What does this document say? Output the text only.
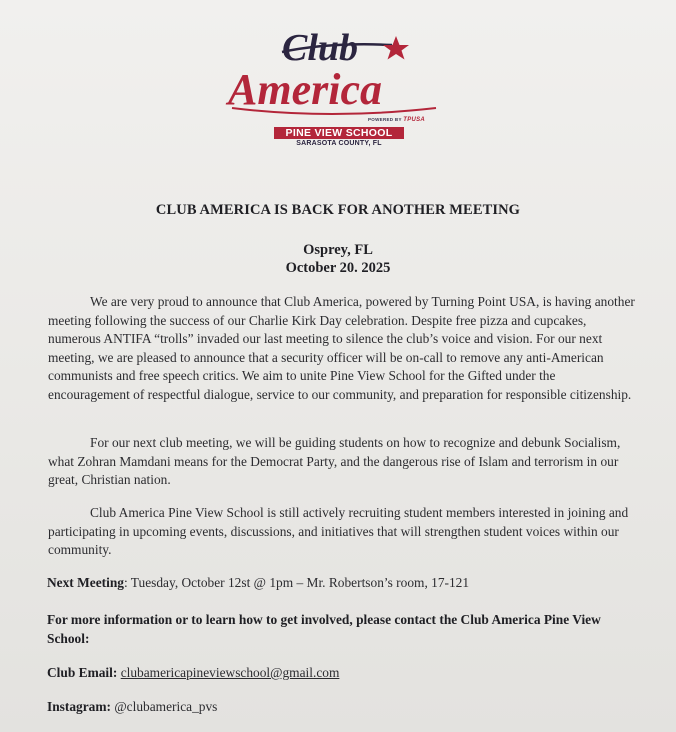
Club
America
POWERED BY TPUSA
PINE VIEW SCHOOL
SARASOTA COUNTY, FL
CLUB AMERICA IS BACK FOR ANOTHER MEETING
Osprey, FL
October 20. 2025

We are very proud to announce that Club America, powered by Turning Point USA, is having another meeting following the success of our Charlie Kirk Day celebration. Despite free pizza and cupcakes, numerous ANTIFA “trolls” invaded our last meeting to silence the club’s voice and vision. For our next meeting, we are pleased to announce that a security officer will be on-call to remove any anti-American communists and free speech critics. We aim to unite Pine View School for the Gifted under the encouragement of respectful dialogue, service to our community, and preparation for responsible citizenship.

For our next club meeting, we will be guiding students on how to recognize and debunk Socialism, what Zohran Mamdani means for the Democrat Party, and the dangerous rise of Islam and terrorism in our great, Christian nation.

Club America Pine View School is still actively recruiting student members interested in joining and participating in upcoming events, discussions, and initiatives that will strengthen student voices within our community.

Next Meeting: Tuesday, October 12st @ 1pm – Mr. Robertson’s room, 17-121
For more information or to learn how to get involved, please contact the Club America Pine View School:
Club Email: clubamericapineviewschool@gmail.com
Instagram: @clubamerica_pvs
